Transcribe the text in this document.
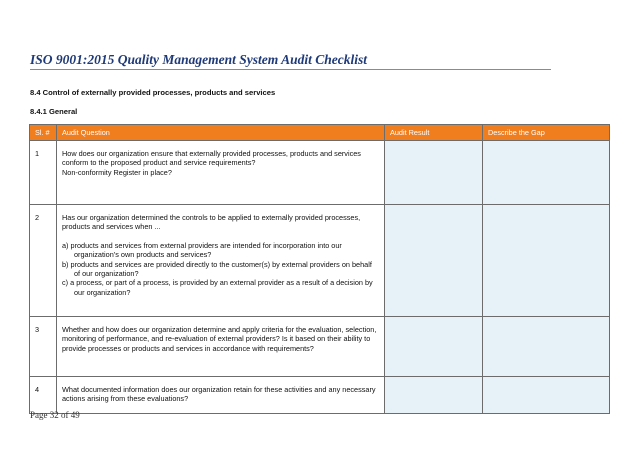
ISO 9001:2015 Quality Management System Audit Checklist
8.4 Control of externally provided processes, products and services
8.4.1 General
Sl. #	Audit Question	Audit Result	Describe the Gap
1	How does our organization ensure that externally provided processes, products and services conform to the proposed product and service requirements?
Non-conformity Register in place?		

2	Has our organization determined the controls to be applied to externally provided processes, products and services when ...
a) products and services from external providers are intended for incorporation into our organization’s own products and services?
b) products and services are provided directly to the customer(s) by external providers on behalf of our organization?
c) a process, or part of a process, is provided by an external provider as a result of a decision by our organization?		

3	Whether and how does our organization determine and apply criteria for the evaluation, selection, monitoring of performance, and re-evaluation of external providers? Is it based on their ability to provide processes or products and services in accordance with requirements?		
4	What documented information does our organization retain for these activities and any necessary actions arising from these evaluations?		
Page 32 of 49
